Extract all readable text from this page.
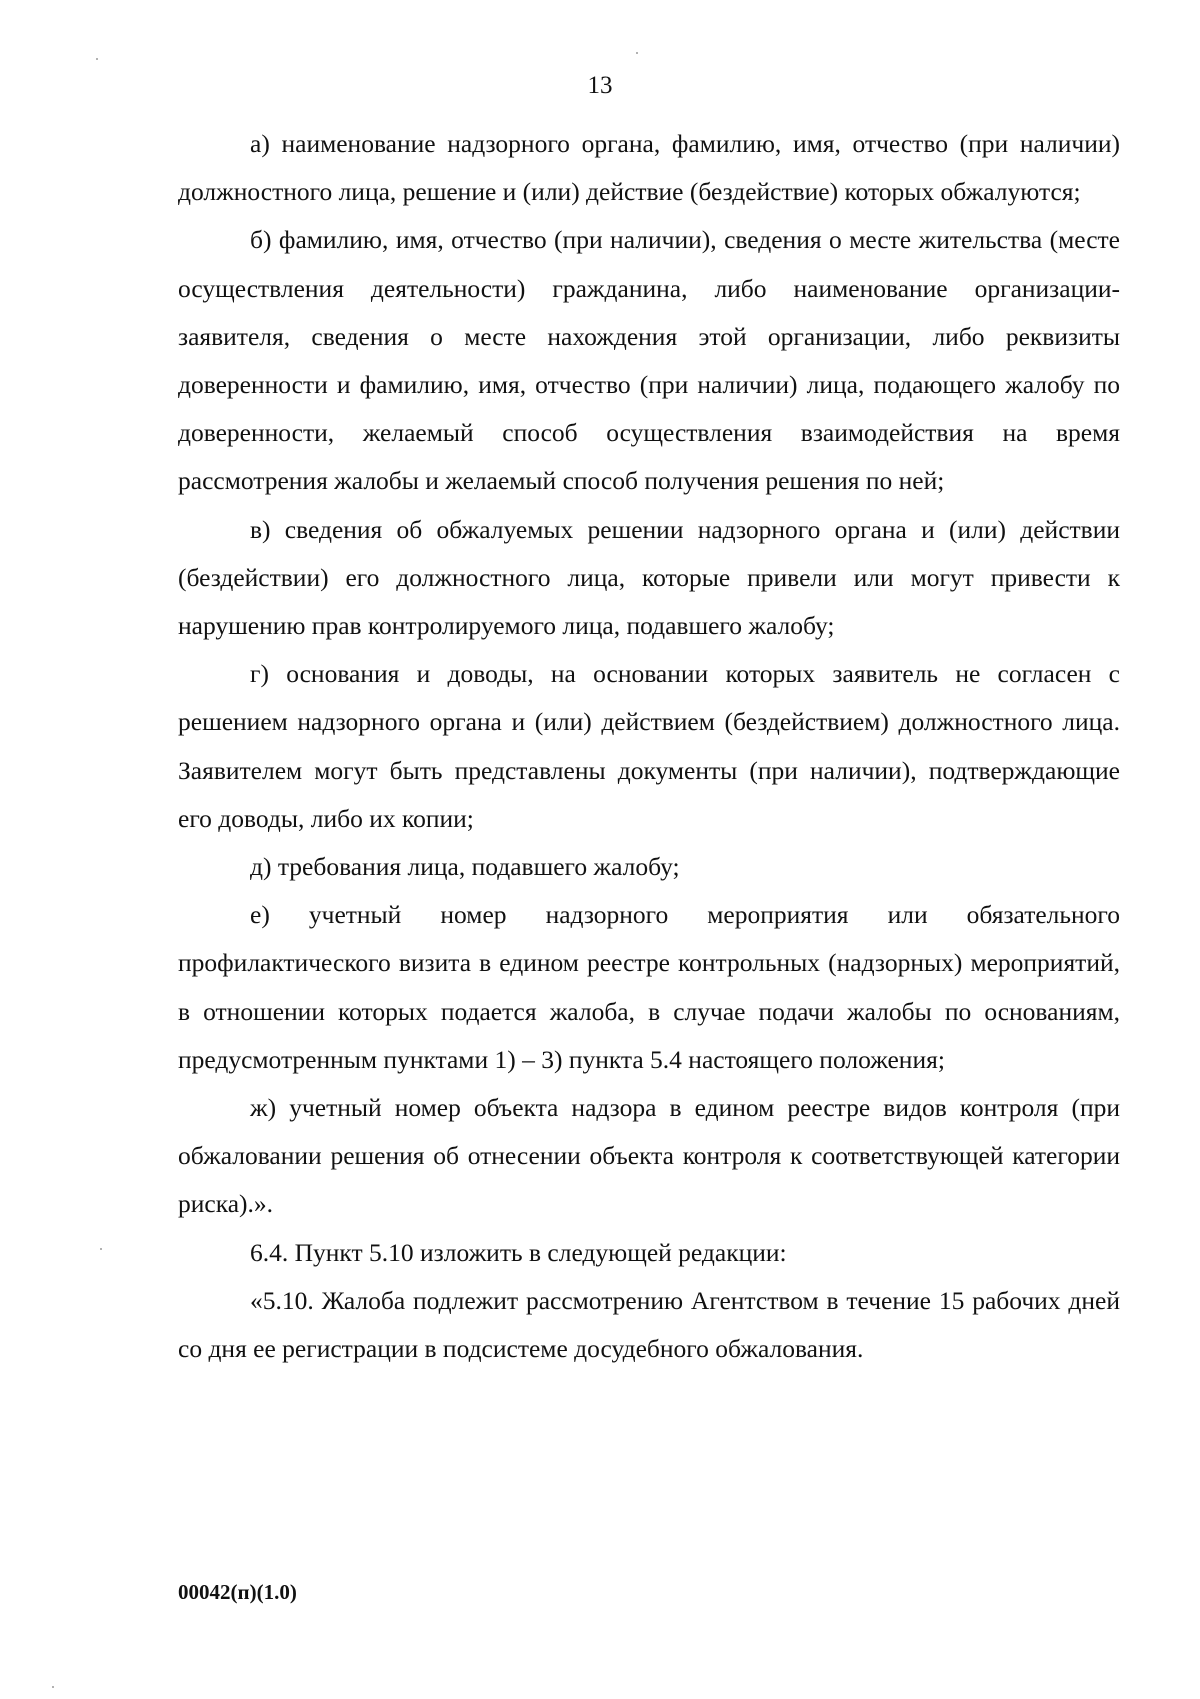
13

а) наименование надзорного органа, фамилию, имя, отчество (при наличии) должностного лица, решение и (или) действие (бездействие) которых обжалуются;

б) фамилию, имя, отчество (при наличии), сведения о месте жительства (месте осуществления деятельности) гражданина, либо наименование организации-заявителя, сведения о месте нахождения этой организации, либо реквизиты доверенности и фамилию, имя, отчество (при наличии) лица, подающего жалобу по доверенности, желаемый способ осуществления взаимодействия на время рассмотрения жалобы и желаемый способ получения решения по ней;

в) сведения об обжалуемых решении надзорного органа и (или) действии (бездействии) его должностного лица, которые привели или могут привести к нарушению прав контролируемого лица, подавшего жалобу;

г) основания и доводы, на основании которых заявитель не согласен с решением надзорного органа и (или) действием (бездействием) должностного лица. Заявителем могут быть представлены документы (при наличии), подтверждающие его доводы, либо их копии;

д) требования лица, подавшего жалобу;

е) учетный номер надзорного мероприятия или обязательного профилактического визита в едином реестре контрольных (надзорных) мероприятий, в отношении которых подается жалоба, в случае подачи жалобы по основаниям, предусмотренным пунктами 1) – 3) пункта 5.4 настоящего положения;

ж) учетный номер объекта надзора в едином реестре видов контроля (при обжаловании решения об отнесении объекта контроля к соответствующей категории риска).».

6.4. Пункт 5.10 изложить в следующей редакции:

«5.10. Жалоба подлежит рассмотрению Агентством в течение 15 рабочих дней со дня ее регистрации в подсистеме досудебного обжалования.

00042(п)(1.0)
